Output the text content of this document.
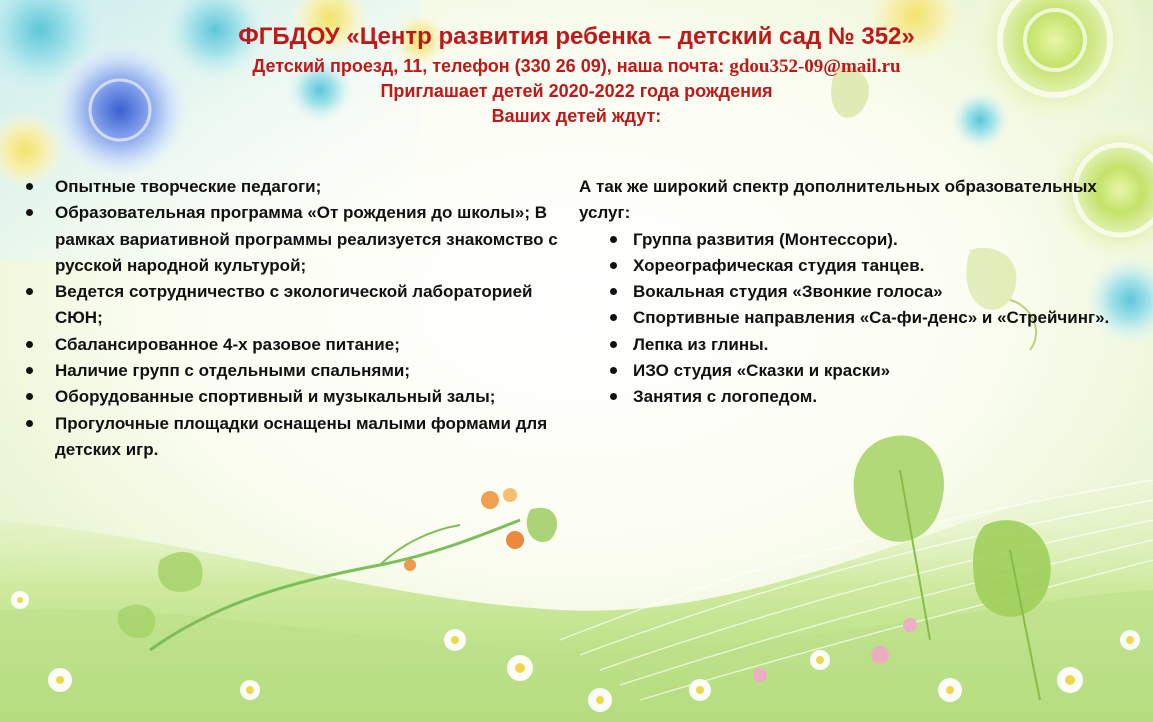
ФГБДОУ «Центр развития ребенка – детский сад № 352»
Детский проезд, 11, телефон (330 26 09), наша почта: gdou352-09@mail.ru
Приглашает детей 2020-2022 года рождения
Ваших детей ждут:
Опытные творческие педагоги;
Образовательная программа «От рождения до школы»; В рамках вариативной программы реализуется знакомство с русской народной культурой;
Ведется сотрудничество с экологической лабораторией СЮН;
Сбалансированное 4-х разовое питание;
Наличие групп с отдельными спальнями;
Оборудованные спортивный и музыкальный залы;
Прогулочные площадки оснащены малыми формами для детских игр.
А так же широкий спектр дополнительных образовательных услуг:
Группа развития (Монтессори).
Хореографическая студия танцев.
Вокальная студия «Звонкие голоса»
Спортивные направления «Са-фи-денс» и «Стрейчинг».
Лепка из глины.
ИЗО студия «Сказки и краски»
Занятия с логопедом.
